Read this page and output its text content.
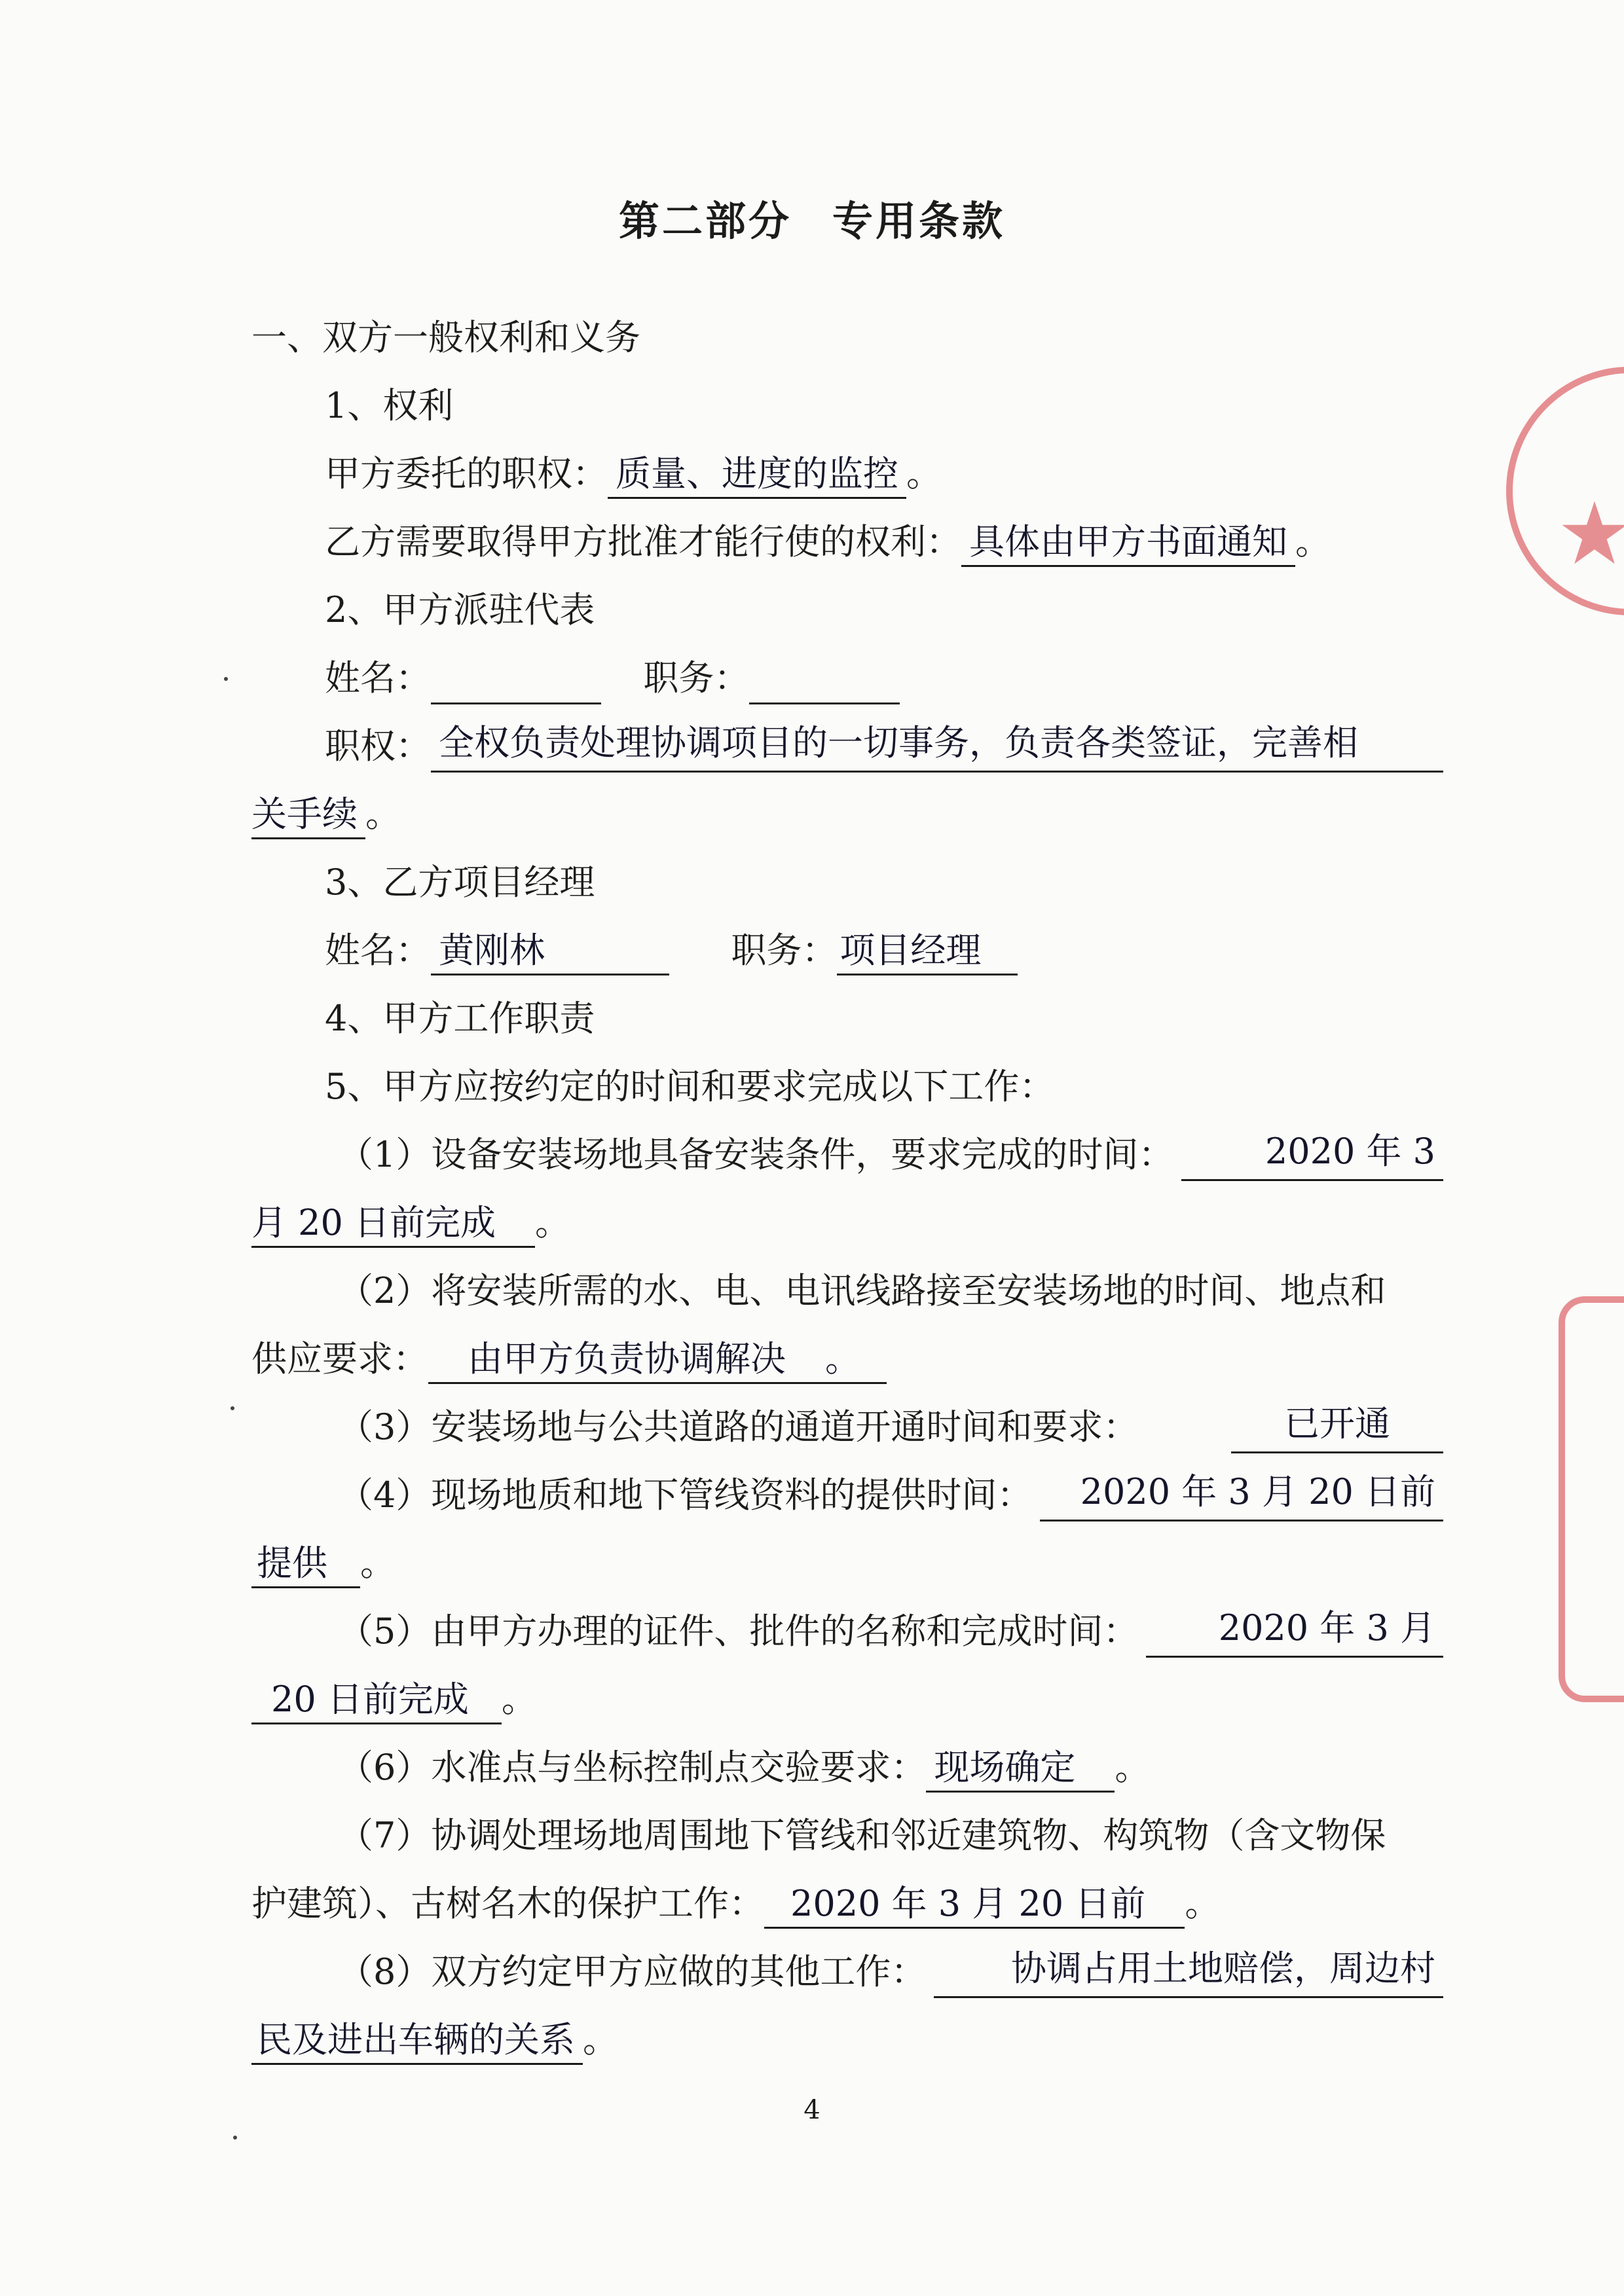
第二部分 专用条款
一、双方一般权利和义务
1、权利
甲方委托的职权： 质量、进度的监控 。
乙方需要取得甲方批准才能行使的权利： 具体由甲方书面通知 。
2、甲方派驻代表
姓名：	职务：
职权： 全权负责处理协调项目的一切事务，负责各类签证，完善相
关手续 。
3、乙方项目经理
姓名： 黄刚林	职务：项目经理
4、甲方工作职责
5、甲方应按约定的时间和要求完成以下工作：
（1）设备安装场地具备安装条件，要求完成的时间：	2020 年 3
月 20 日前完成 。
（2）将安装所需的水、电、电讯线路接至安装场地的时间、地点和
供应要求： 由甲方负责协调解决 。
（3）安装场地与公共道路的通道开通时间和要求：	已开通
（4）现场地质和地下管线资料的提供时间：	2020 年 3 月 20 日前
提供 。
（5）由甲方办理的证件、批件的名称和完成时间：	2020 年 3 月
20 日前完成 。
（6）水准点与坐标控制点交验要求： 现场确定 。
（7）协调处理场地周围地下管线和邻近建筑物、构筑物（含文物保
护建筑）、古树名木的保护工作： 2020 年 3 月 20 日前 。
（8）双方约定甲方应做的其他工作：	协调占用土地赔偿，周边村
民及进出车辆的关系 。
4
